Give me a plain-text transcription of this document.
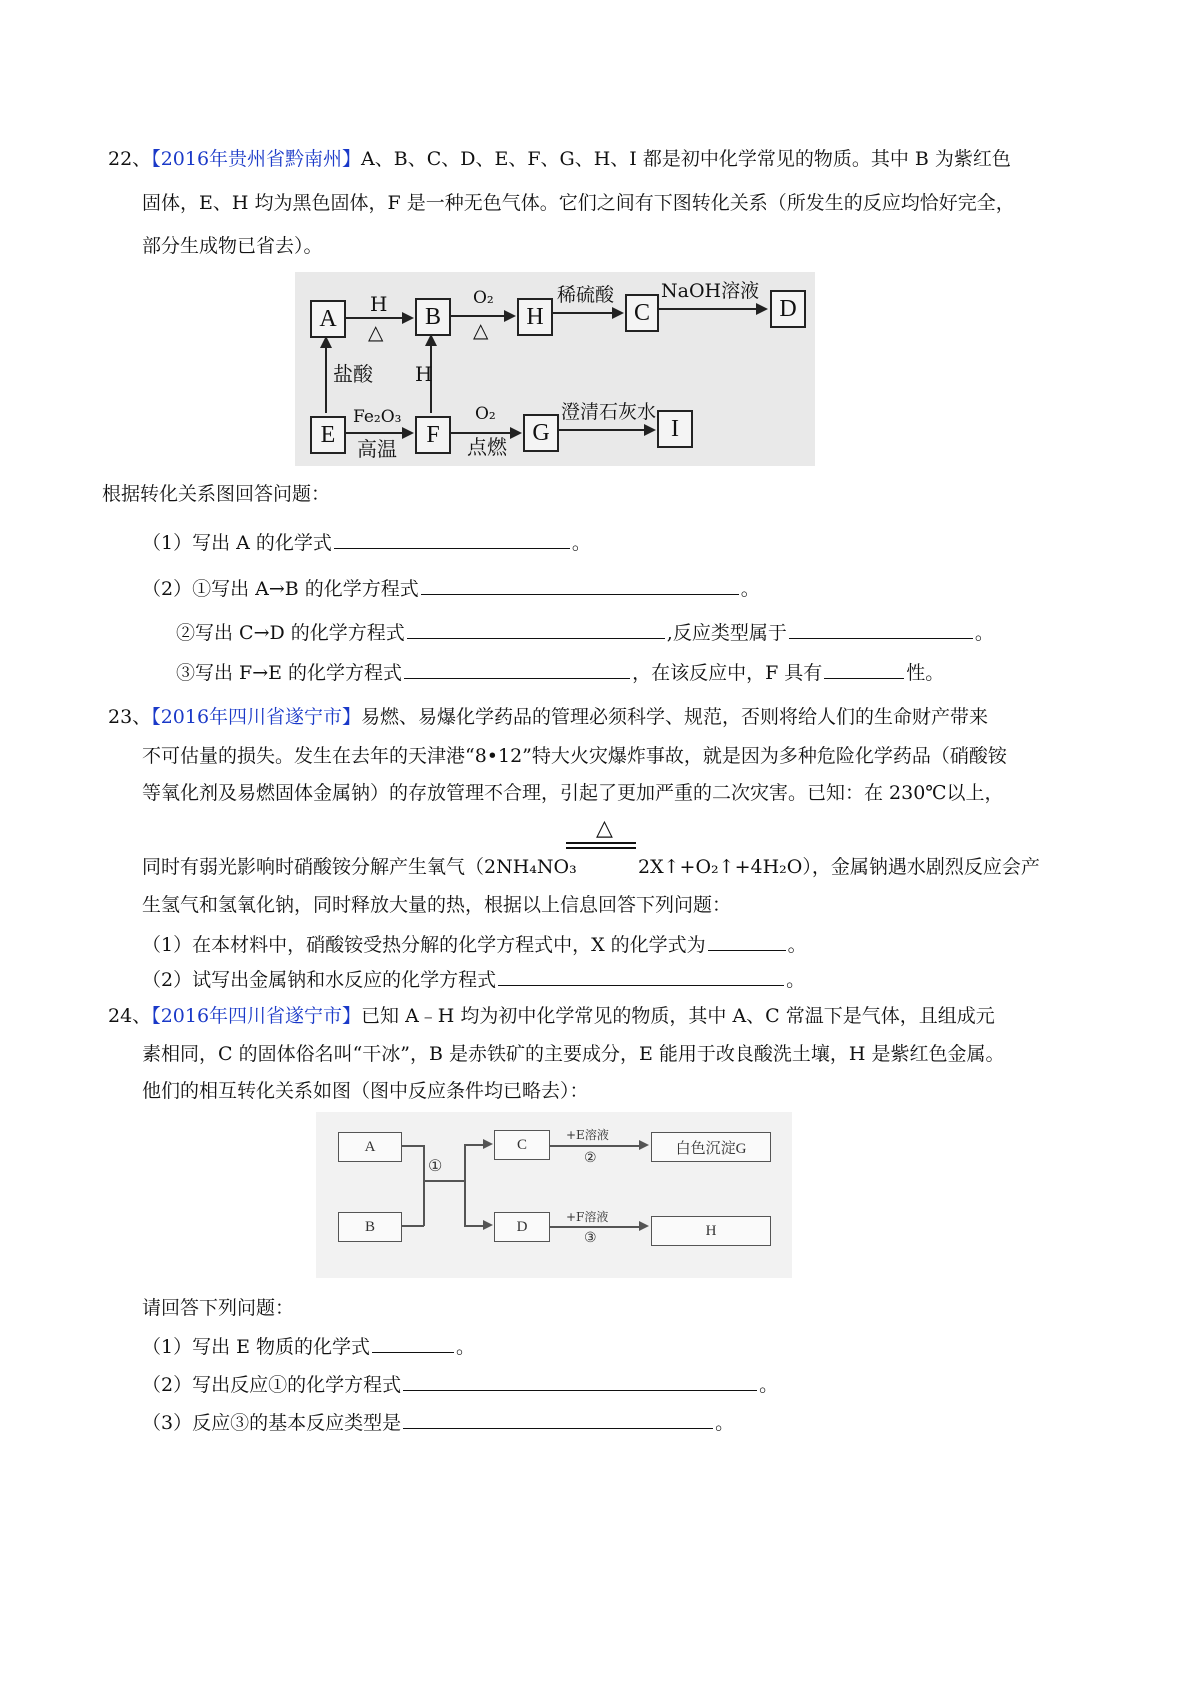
22、【2016年贵州省黔南州】A、B、C、D、E、F、G、H、I 都是初中化学常见的物质。其中 B 为紫红色
固体，E、H 均为黑色固体，F 是一种无色气体。它们之间有下图转化关系（所发生的反应均恰好完全，
部分生成物已省去）。
A	B	H	C	D
E	F	G	I
H
△
O₂
△
稀硫酸 NaOH溶液
盐酸 H
Fe₂O₃
高温
O₂
点燃
澄清石灰水
根据转化关系图回答问题：
（1）写出 A 的化学式	。
（2）①写出 A→B 的化学方程式	。
②写出 C→D 的化学方程式	,反应类型属于	。
③写出 F→E 的化学方程式	，在该反应中，F 具有	性。
23、【2016年四川省遂宁市】易燃、易爆化学药品的管理必须科学、规范，否则将给人们的生命财产带来
不可估量的损失。发生在去年的天津港“8•12”特大火灾爆炸事故，就是因为多种危险化学药品（硝酸铵
等氧化剂及易燃固体金属钠）的存放管理不合理，引起了更加严重的二次灾害。已知：在 230℃以上，
△
同时有弱光影响时硝酸铵分解产生氧气（2NH₄NO₃	2X↑+O₂↑+4H₂O），金属钠遇水剧烈反应会产
生氢气和氢氧化钠，同时释放大量的热，根据以上信息回答下列问题：
（1）在本材料中，硝酸铵受热分解的化学方程式中，X 的化学式为	。
（2）试写出金属钠和水反应的化学方程式	。
24、【2016年四川省遂宁市】已知 A﹣H 均为初中化学常见的物质，其中 A、C 常温下是气体，且组成元
素相同，C 的固体俗名叫“干冰”，B 是赤铁矿的主要成分，E 能用于改良酸洗土壤，H 是紫红色金属。
他们的相互转化关系如图（图中反应条件均已略去）：
A
B
C
D
白色沉淀G
H
①
+E溶液
②
+F溶液
③
请回答下列问题：
（1）写出 E 物质的化学式	。
（2）写出反应①的化学方程式	。
（3）反应③的基本反应类型是	。
